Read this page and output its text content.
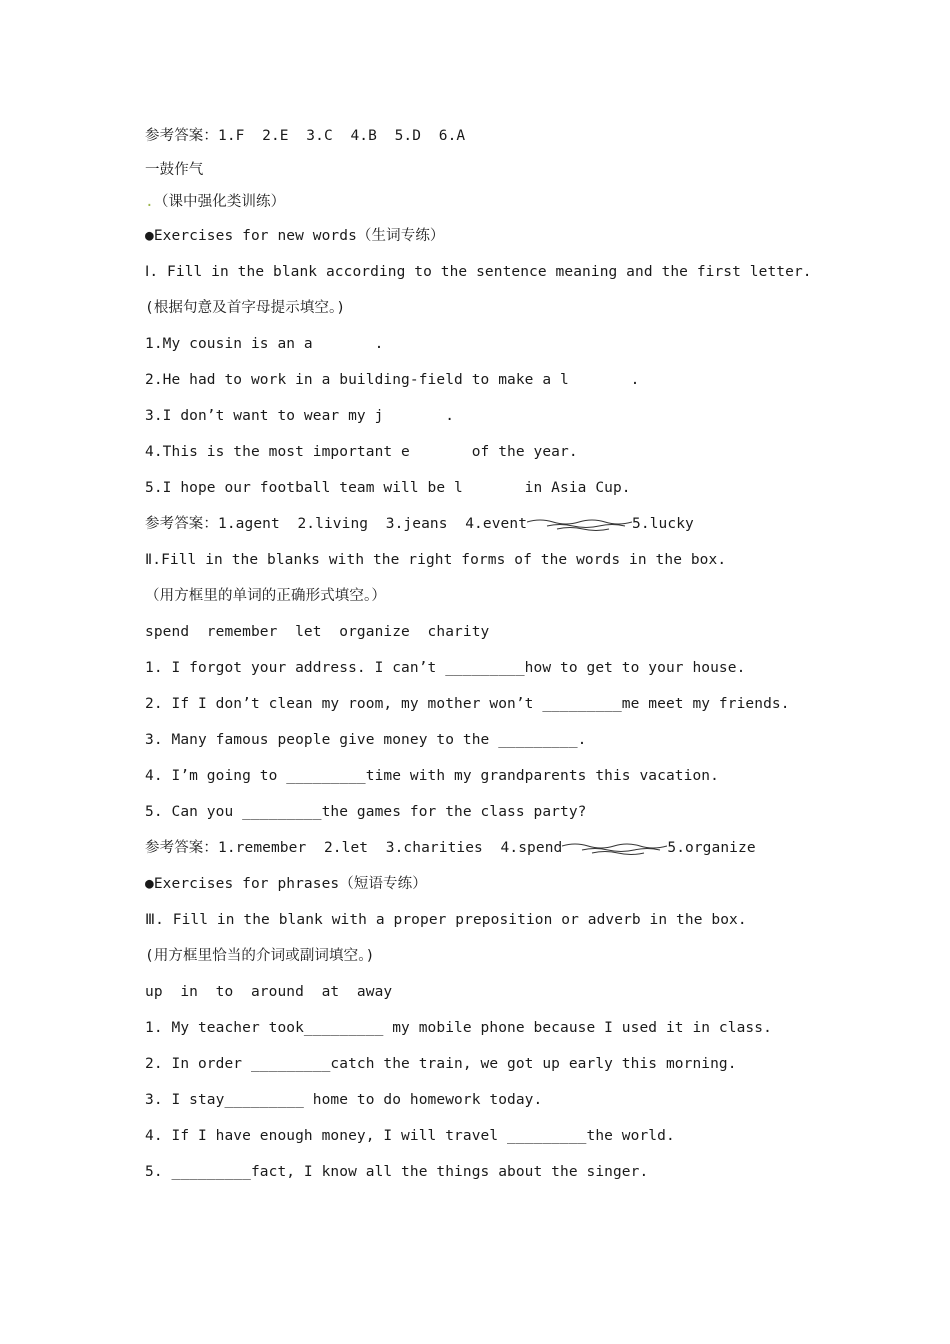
参考答案：1.F  2.E  3.C  4.B  5.D  6.A
一鼓作气
.（课中强化类训练）
●Exercises for new words（生词专练）
Ⅰ. Fill in the blank according to the sentence meaning and the first letter.
(根据句意及首字母提示填空。)
1.My cousin is an a       .
2.He had to work in a building-field to make a l       .
3.I don’t want to wear my j       .
4.This is the most important e       of the year.
5.I hope our football team will be l       in Asia Cup.
参考答案：1.agent  2.living  3.jeans  4.event	5.lucky
Ⅱ.Fill in the blanks with the right forms of the words in the box.
（用方框里的单词的正确形式填空。）
spend  remember  let  organize  charity
1. I forgot your address. I can’t _________how to get to your house.
2. If I don’t clean my room, my mother won’t _________me meet my friends.
3. Many famous people give money to the _________.
4. I’m going to _________time with my grandparents this vacation.
5. Can you _________the games for the class party?
参考答案：1.remember  2.let  3.charities  4.spend	5.organize
●Exercises for phrases（短语专练）
Ⅲ. Fill in the blank with a proper preposition or adverb in the box.
(用方框里恰当的介词或副词填空。)
up  in  to  around  at  away
1. My teacher took_________ my mobile phone because I used it in class.
2. In order _________catch the train, we got up early this morning.
3. I stay_________ home to do homework today.
4. If I have enough money, I will travel _________the world.
5. _________fact, I know all the things about the singer.
